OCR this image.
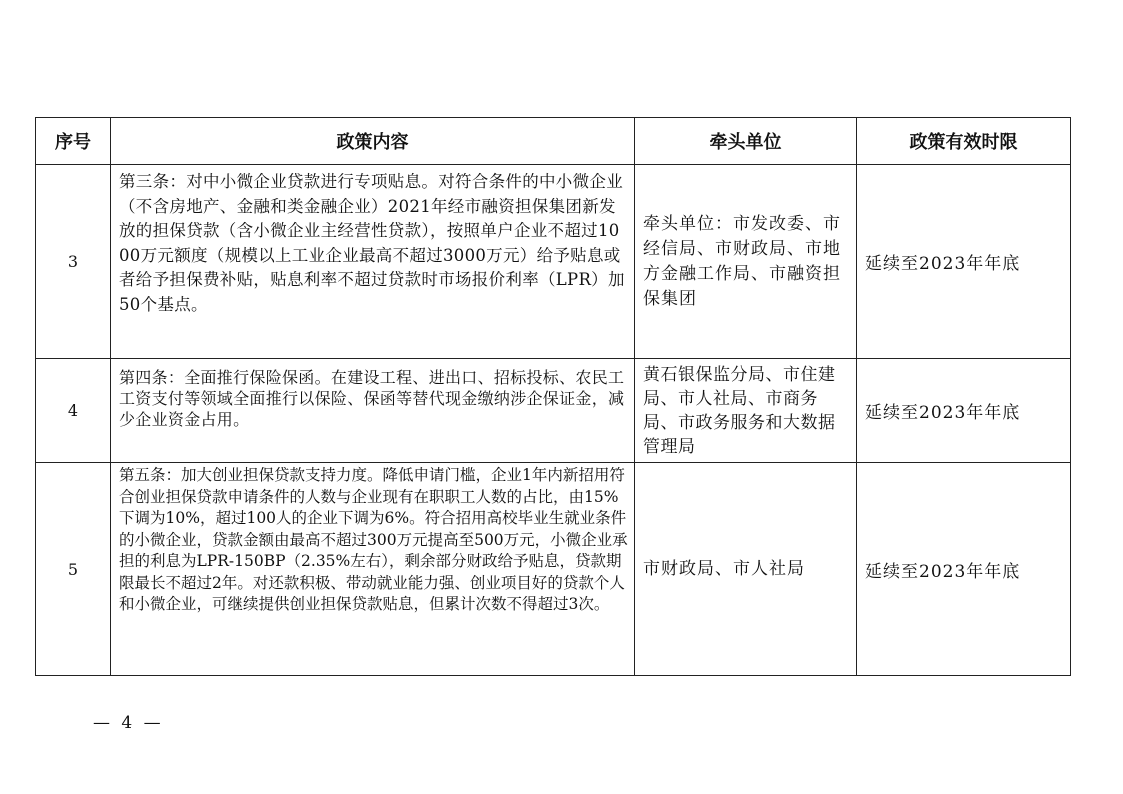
序号	政策内容	牵头单位	政策有效时限
3	第三条：对中小微企业贷款进行专项贴息。对符合条件的中小微企业（不含房地产、金融和类金融企业）2021年经市融资担保集团新发放的担保贷款（含小微企业主经营性贷款），按照单户企业不超过1000万元额度（规模以上工业企业最高不超过3000万元）给予贴息或者给予担保费补贴，贴息利率不超过贷款时市场报价利率（LPR）加50个基点。	牵头单位：市发改委、市经信局、市财政局、市地方金融工作局、市融资担保集团	延续至2023年年底
4	第四条：全面推行保险保函。在建设工程、进出口、招标投标、农民工工资支付等领域全面推行以保险、保函等替代现金缴纳涉企保证金，减少企业资金占用。	黄石银保监分局、市住建局、市人社局、市商务局、市政务服务和大数据管理局	延续至2023年年底
5	第五条：加大创业担保贷款支持力度。降低申请门槛，企业1年内新招用符合创业担保贷款申请条件的人数与企业现有在职职工人数的占比，由15%下调为10%，超过100人的企业下调为6%。符合招用高校毕业生就业条件的小微企业，贷款金额由最高不超过300万元提高至500万元，小微企业承担的利息为LPR-150BP（2.35%左右），剩余部分财政给予贴息，贷款期限最长不超过2年。对还款积极、带动就业能力强、创业项目好的贷款个人和小微企业，可继续提供创业担保贷款贴息，但累计次数不得超过3次。	市财政局、市人社局	延续至2023年年底
— 4 —
